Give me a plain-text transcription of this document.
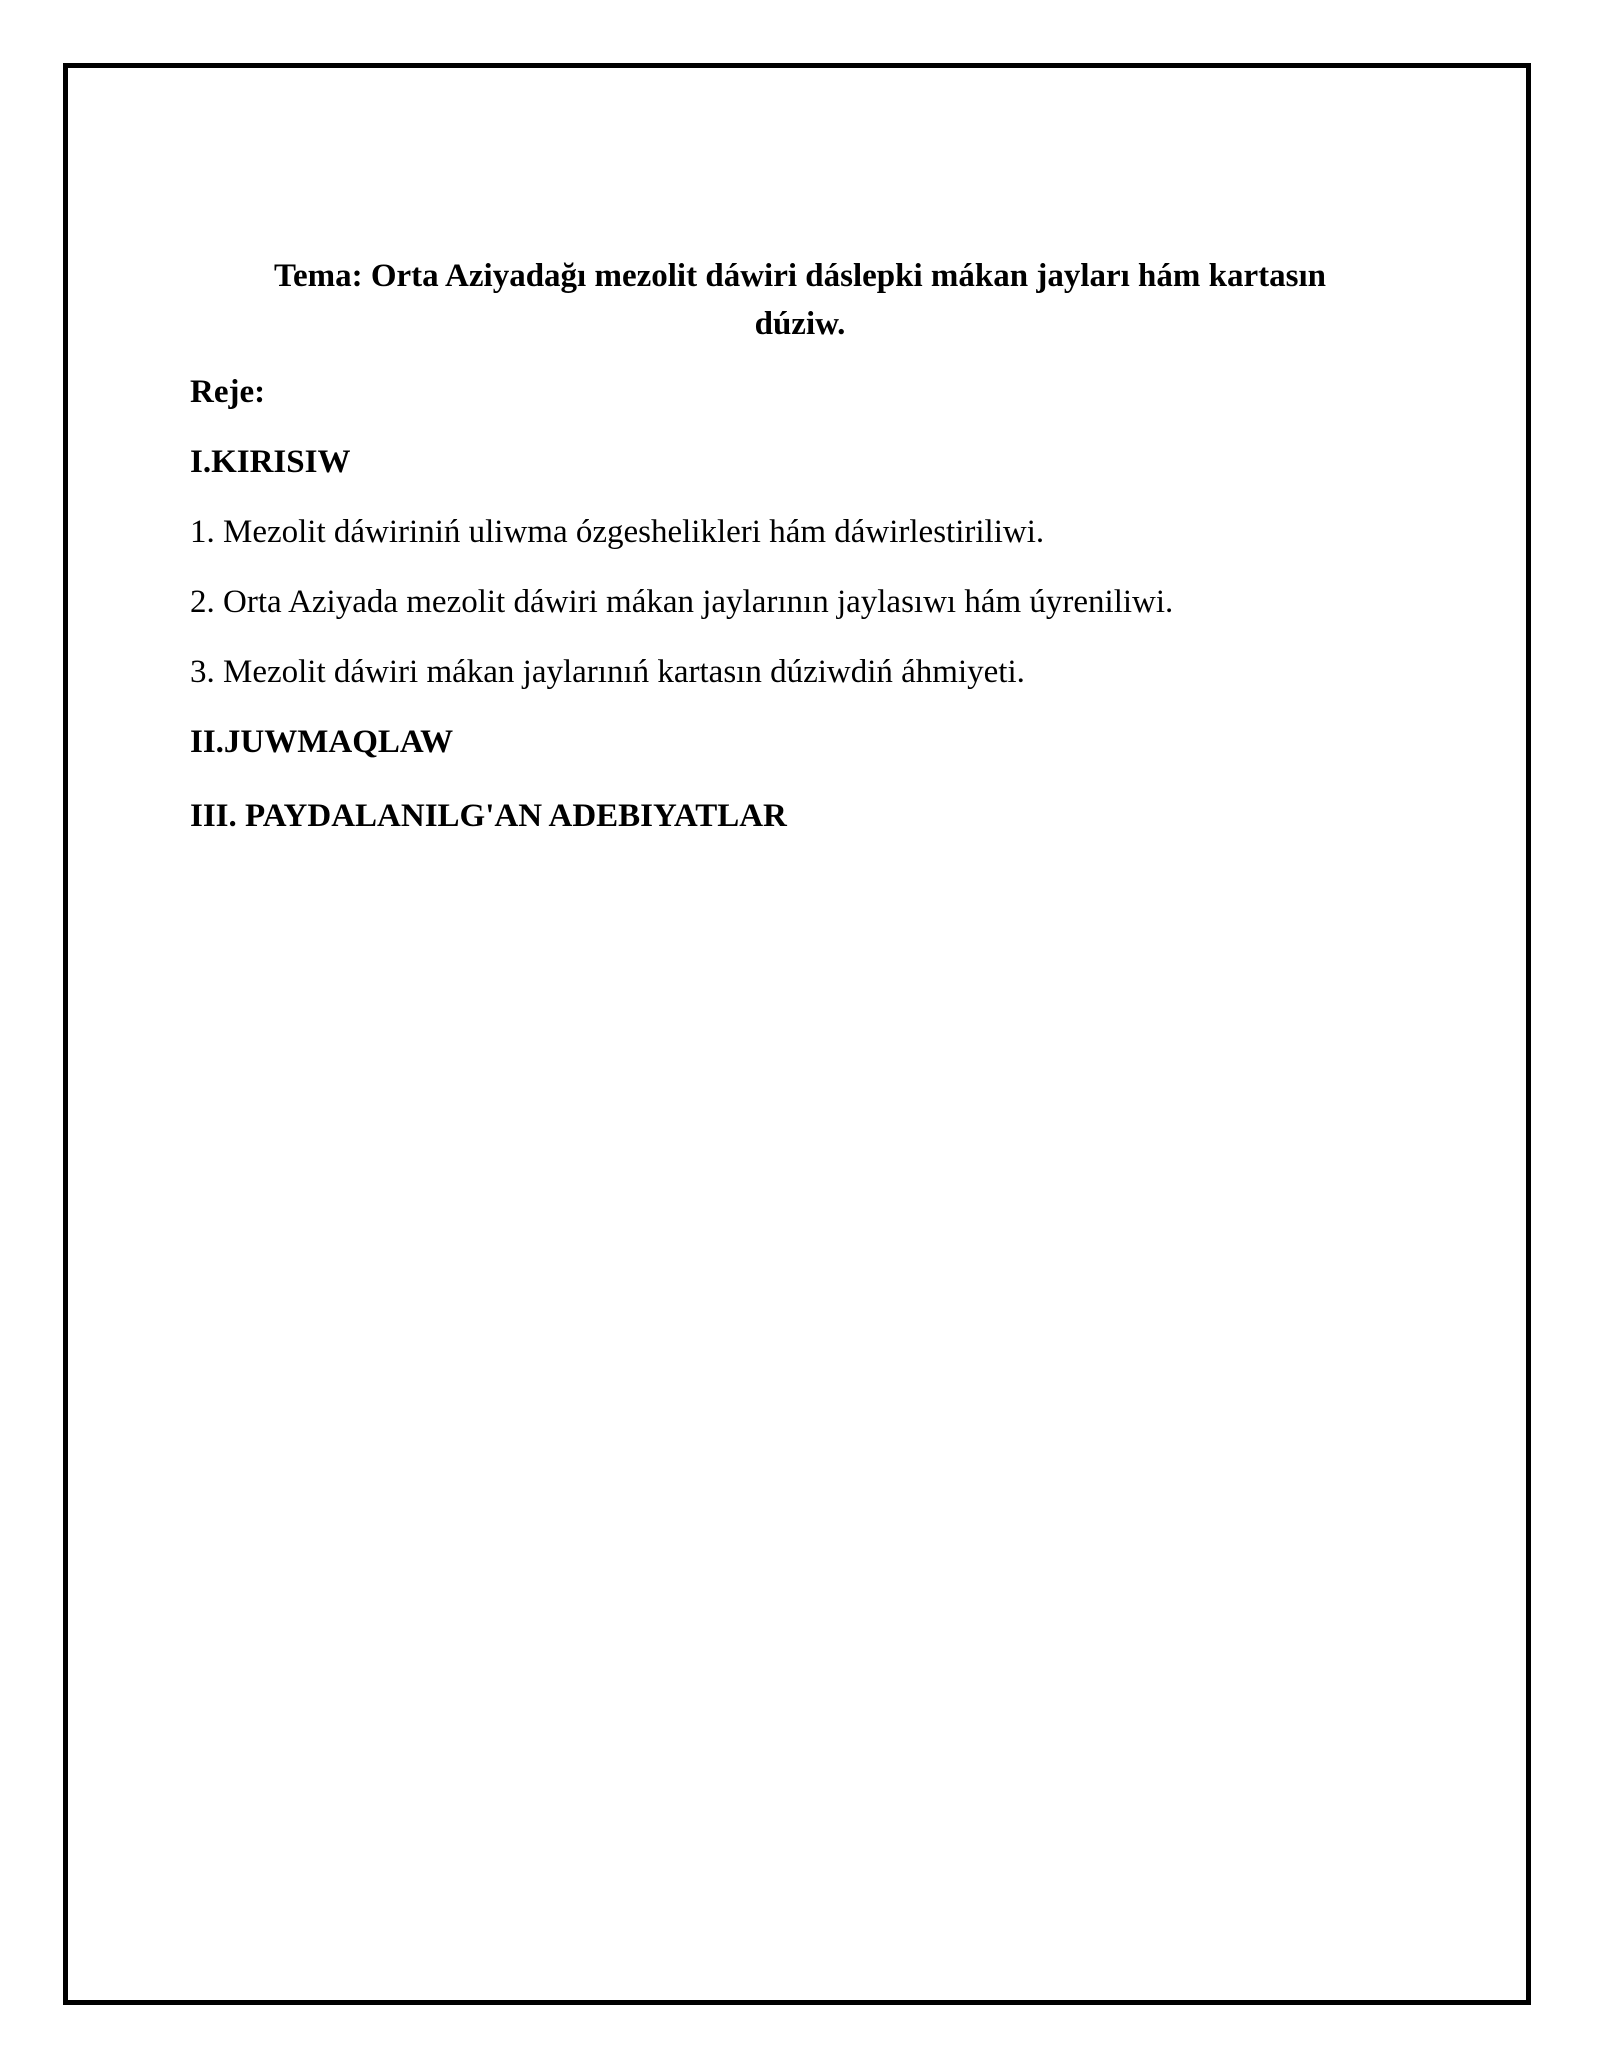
Tema: Orta Aziyadağı mezolit dáwiri dáslepki mákan jayları hám kartasın
dúziw.
Reje:
I.KIRISIW
1. Mezolit dáwiriniń uliwma ózgeshelikleri hám dáwirlestiriliwi.
2. Orta Aziyada mezolit dáwiri mákan jaylarının jaylasıwı hám úyreniliwi.
3. Mezolit dáwiri mákan jaylarınıń kartasın dúziwdiń áhmiyeti.
II.JUWMAQLAW
III. PAYDALANILG'AN ADEBIYATLAR
